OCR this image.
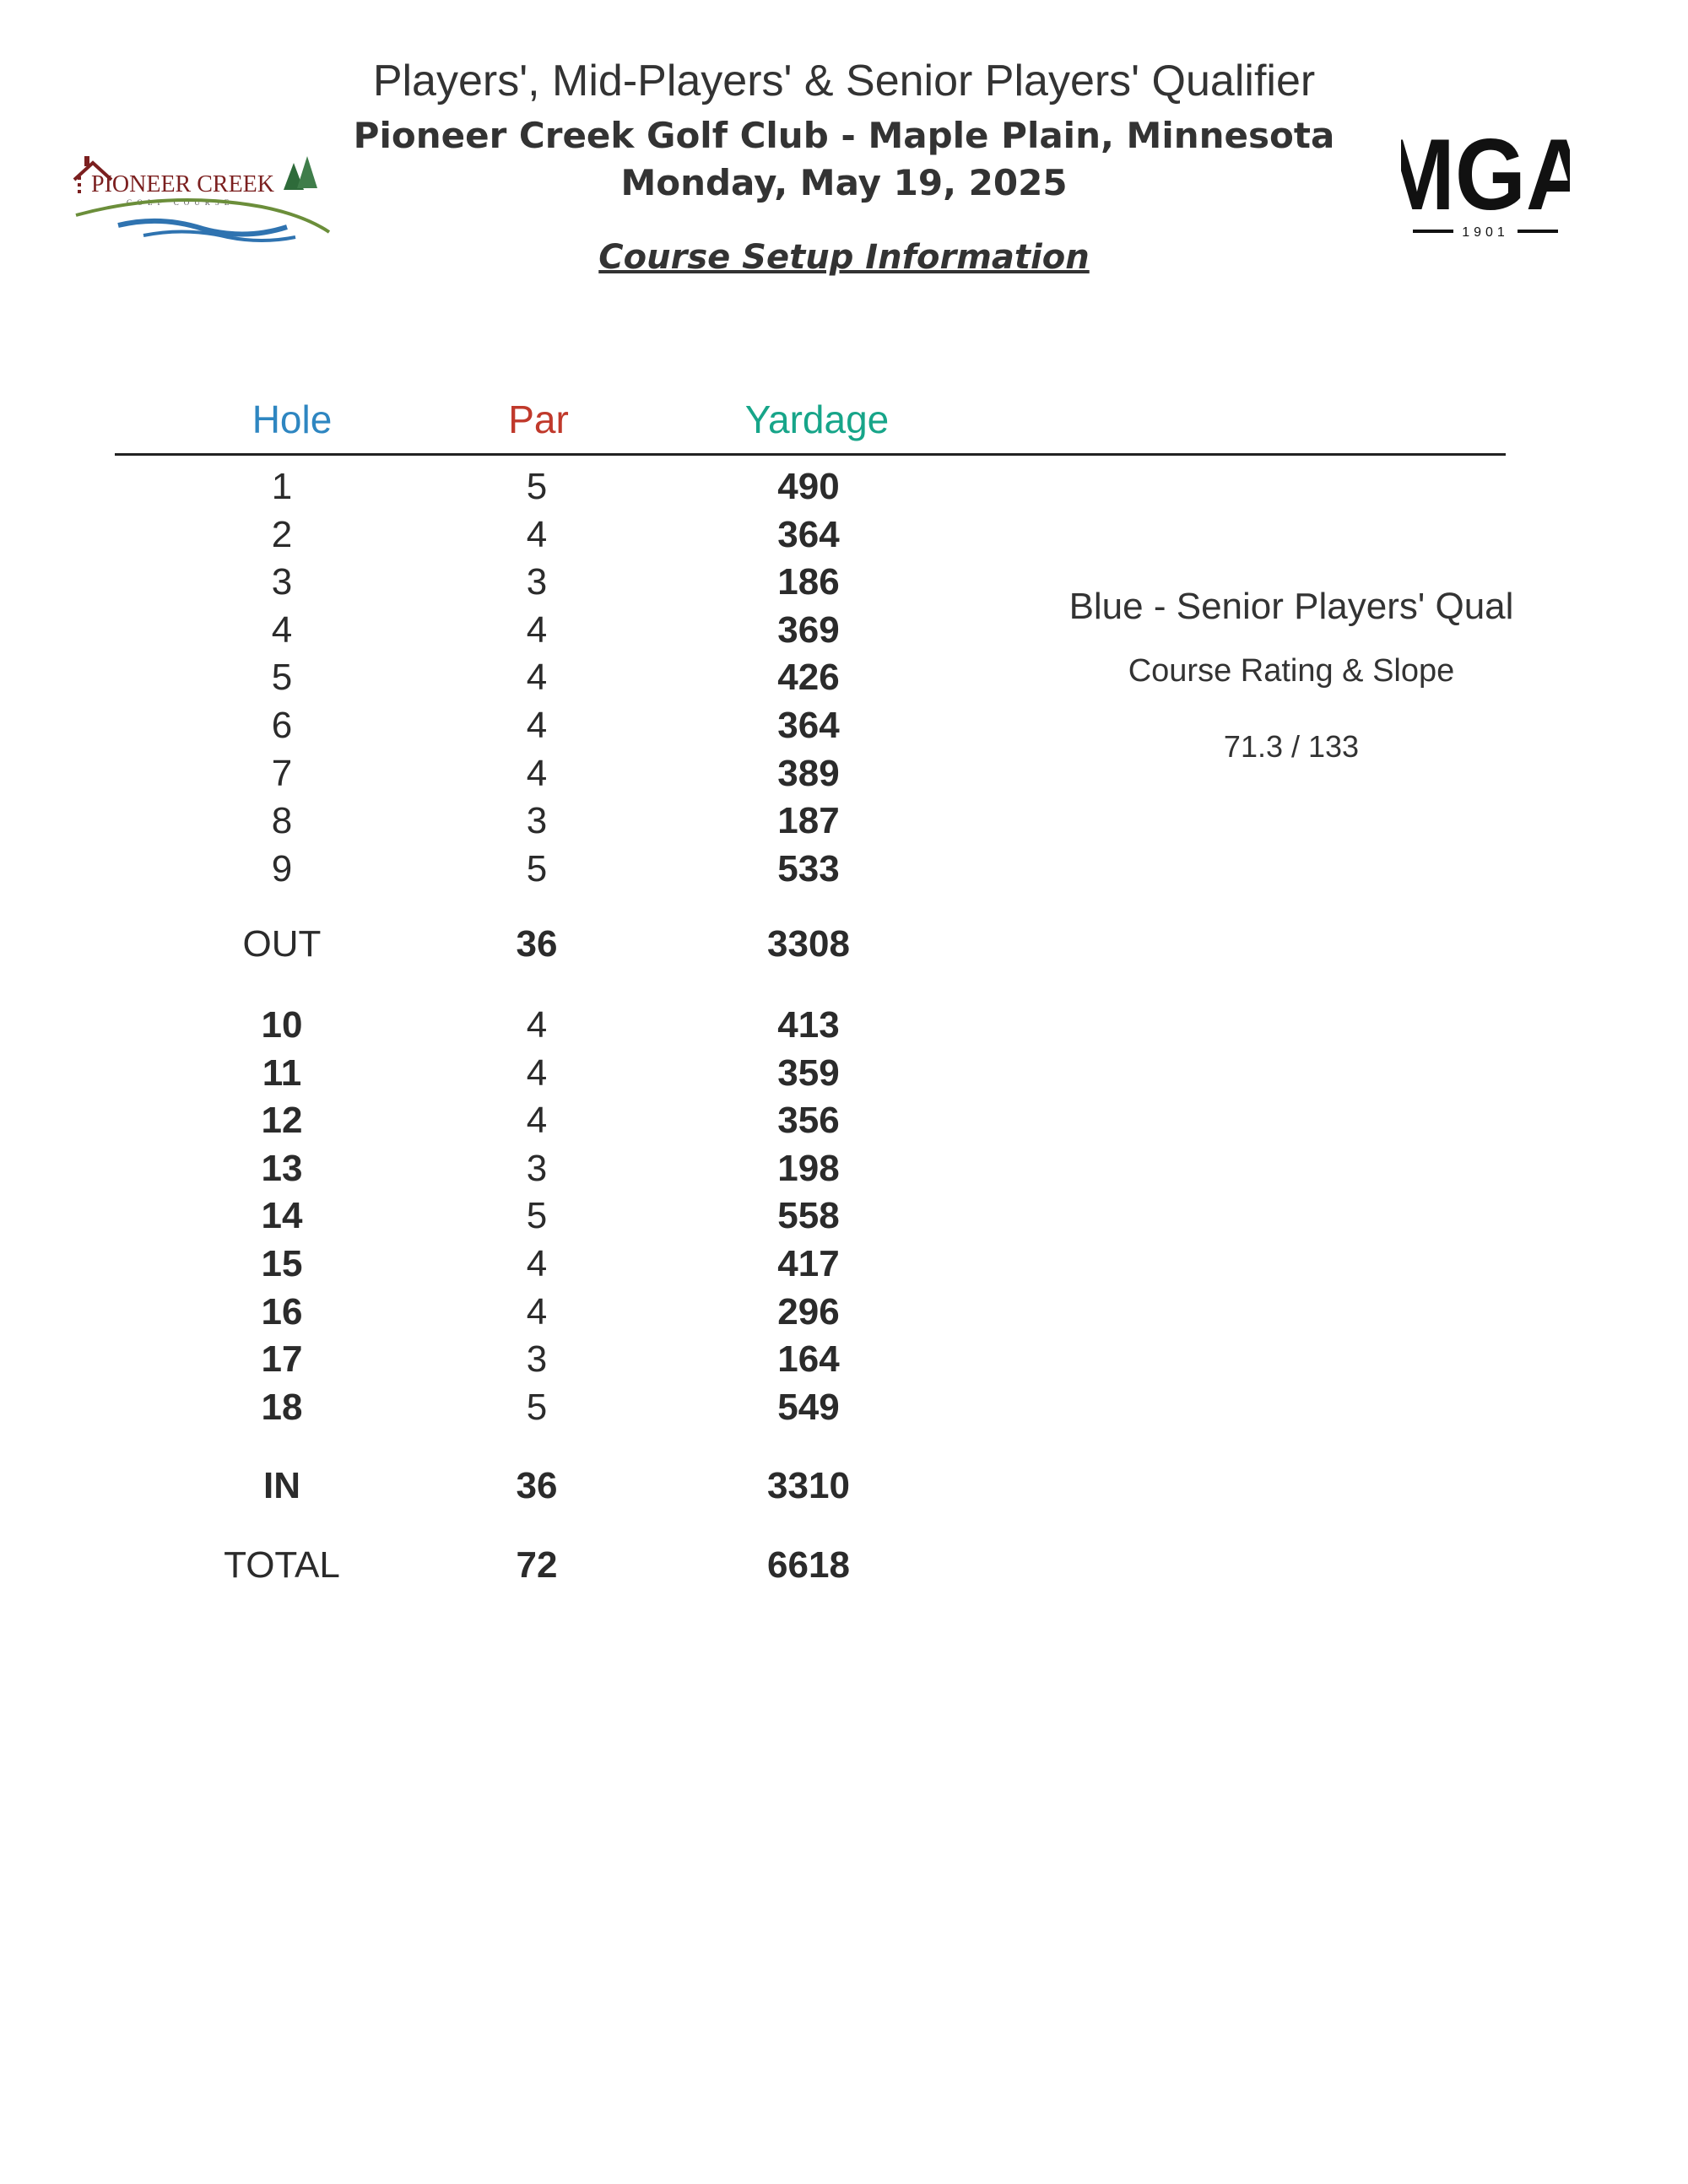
Players', Mid-Players' & Senior Players' Qualifier
Pioneer Creek Golf Club - Maple Plain, Minnesota
Monday, May 19, 2025
Course Setup Information
PIONEER CREEK
GOLF COURSE	G
1901
Hole	Par	Yardage
1	5	490
2	4	364
3	3	186
4	4	369
5	4	426
6	4	364
7	4	389
8	3	187
9	5	533
OUT	36	3308
10	4	413
11	4	359
12	4	356
13	3	198
14	5	558
15	4	417
16	4	296
17	3	164
18	5	549
IN	36	3310
TOTAL	72	6618
Blue - Senior Players' Qual
Course Rating & Slope
71.3 / 133
